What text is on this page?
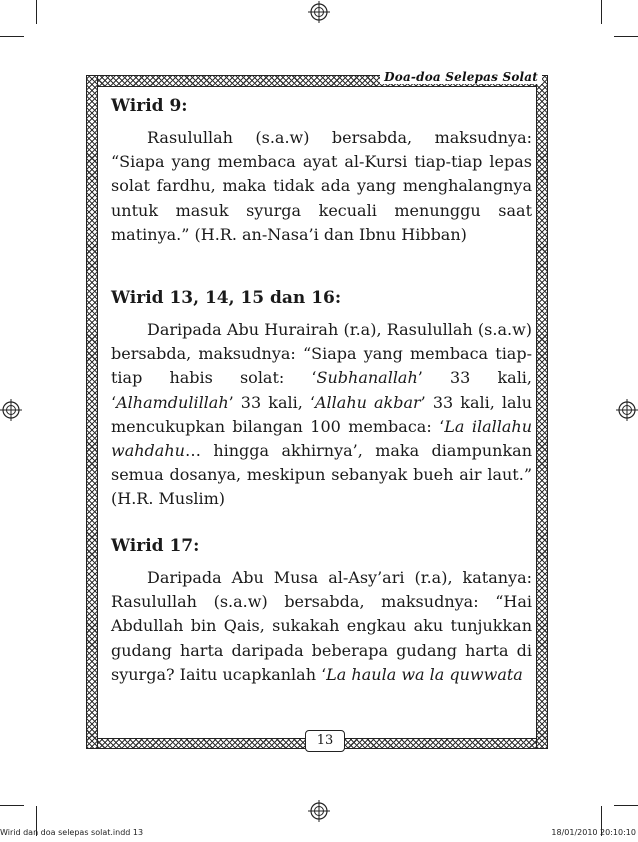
Doa-doa Selepas Solat

Wirid 9:

Rasulullah (s.a.w) bersabda, maksudnya: “Siapa yang membaca ayat al-Kursi tiap-tiap lepas solat fardhu, maka tidak ada yang menghalangnya untuk masuk syurga kecuali menunggu saat matinya.” (H.R. an-Nasa’i dan Ibnu Hibban)

Wirid 13, 14, 15 dan 16:

Daripada Abu Hurairah (r.a), Rasulullah (s.a.w) bersabda, maksudnya: “Siapa yang membaca tiap-tiap habis solat: ‘Subhanallah’ 33 kali, ‘Alhamdulillah’ 33 kali, ‘Allahu akbar’ 33 kali, lalu mencukupkan bilangan 100 membaca: ‘La ilallahu wahdahu… hingga akhirnya’, maka diampunkan semua dosanya, meskipun sebanyak bueh air laut.” (H.R. Muslim)

Wirid 17:

Daripada Abu Musa al-Asy’ari (r.a), katanya: Rasulullah (s.a.w) bersabda, maksudnya: “Hai Abdullah bin Qais, sukakah engkau aku tunjukkan gudang harta daripada beberapa gudang harta di syurga? Iaitu ucapkanlah ‘La haula wa la quwwata

13
Wirid dan doa selepas solat.indd 13	18/01/2010 20:10:10
